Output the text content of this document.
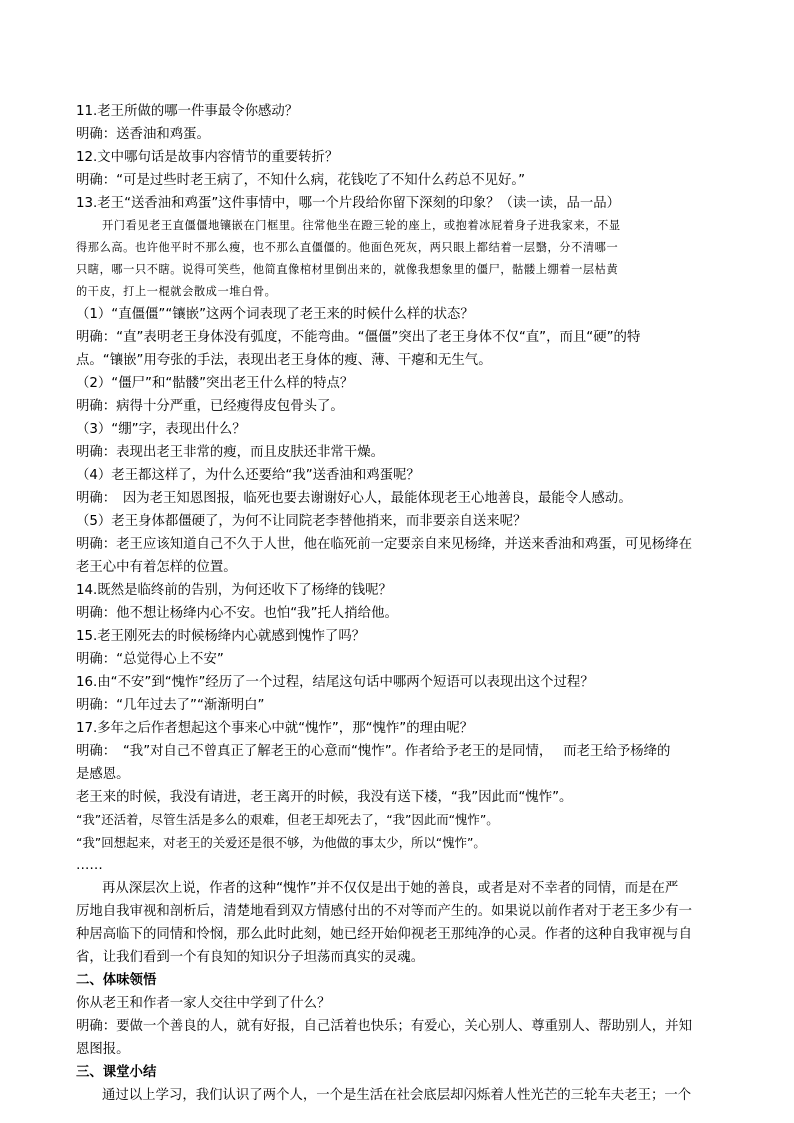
11.老王所做的哪一件事最令你感动？
明确：送香油和鸡蛋。
12.文中哪句话是故事内容情节的重要转折？
明确：“可是过些时老王病了，不知什么病，花钱吃了不知什么药总不见好。”
13.老王“送香油和鸡蛋”这件事情中，哪一个片段给你留下深刻的印象？（读一读，品一品）
开门看见老王直僵僵地镶嵌在门框里。往常他坐在蹬三轮的座上，或抱着冰屁着身子进我家来，不显
得那么高。也许他平时不那么瘦，也不那么直僵僵的。他面色死灰，两只眼上都结着一层翳，分不清哪一
只瞎，哪一只不瞎。说得可笑些，他简直像棺材里倒出来的，就像我想象里的僵尸，骷髅上绷着一层枯黄
的干皮，打上一棍就会散成一堆白骨。
（1）“直僵僵”“镶嵌”这两个词表现了老王来的时候什么样的状态？
明确：“直”表明老王身体没有弧度，不能弯曲。“僵僵”突出了老王身体不仅“直”，而且“硬”的特
点。“镶嵌”用夸张的手法，表现出老王身体的瘦、薄、干瘪和无生气。
（2）“僵尸”和“骷髅”突出老王什么样的特点？
明确：病得十分严重，已经瘦得皮包骨头了。
（3）“绷”字，表现出什么？
明确：表现出老王非常的瘦，而且皮肤还非常干燥。
（4）老王都这样了，为什么还要给“我”送香油和鸡蛋呢？
明确：　因为老王知恩图报，临死也要去谢谢好心人，最能体现老王心地善良，最能令人感动。
（5）老王身体都僵硬了，为何不让同院老李替他捎来，而非要亲自送来呢？
明确：老王应该知道自己不久于人世，他在临死前一定要亲自来见杨绛，并送来香油和鸡蛋，可见杨绛在
老王心中有着怎样的位置。
14.既然是临终前的告别，为何还收下了杨绛的钱呢？
明确：他不想让杨绛内心不安。也怕“我”托人捎给他。
15.老王刚死去的时候杨绛内心就感到愧怍了吗？
明确：“总觉得心上不安”
16.由“不安”到“愧怍”经历了一个过程，结尾这句话中哪两个短语可以表现出这个过程？
明确：“几年过去了”“渐渐明白”
17.多年之后作者想起这个事来心中就“愧怍”，那“愧怍”的理由呢？
明确：　“我”对自己不曾真正了解老王的心意而“愧怍”。作者给予老王的是同情，　 而老王给予杨绛的
是感恩。
老王来的时候，我没有请进，老王离开的时候，我没有送下楼，“我”因此而“愧怍”。
“我”还活着，尽管生活是多么的艰难，但老王却死去了，“我”因此而“愧怍”。
“我”回想起来，对老王的关爱还是很不够，为他做的事太少，所以“愧怍”。
……
再从深层次上说，作者的这种“愧怍”并不仅仅是出于她的善良，或者是对不幸者的同情，而是在严
厉地自我审视和剖析后，清楚地看到双方情感付出的不对等而产生的。如果说以前作者对于老王多少有一
种居高临下的同情和怜悯，那么此时此刻，她已经开始仰视老王那纯净的心灵。作者的这种自我审视与自
省，让我们看到一个有良知的知识分子坦荡而真实的灵魂。
二、体味领悟
你从老王和作者一家人交往中学到了什么？
明确：要做一个善良的人，就有好报，自己活着也快乐；有爱心，关心别人、尊重别人、帮助别人，并知
恩图报。
三、课堂小结
通过以上学习，我们认识了两个人，一个是生活在社会底层却闪烁着人性光芒的三轮车夫老王；一个
